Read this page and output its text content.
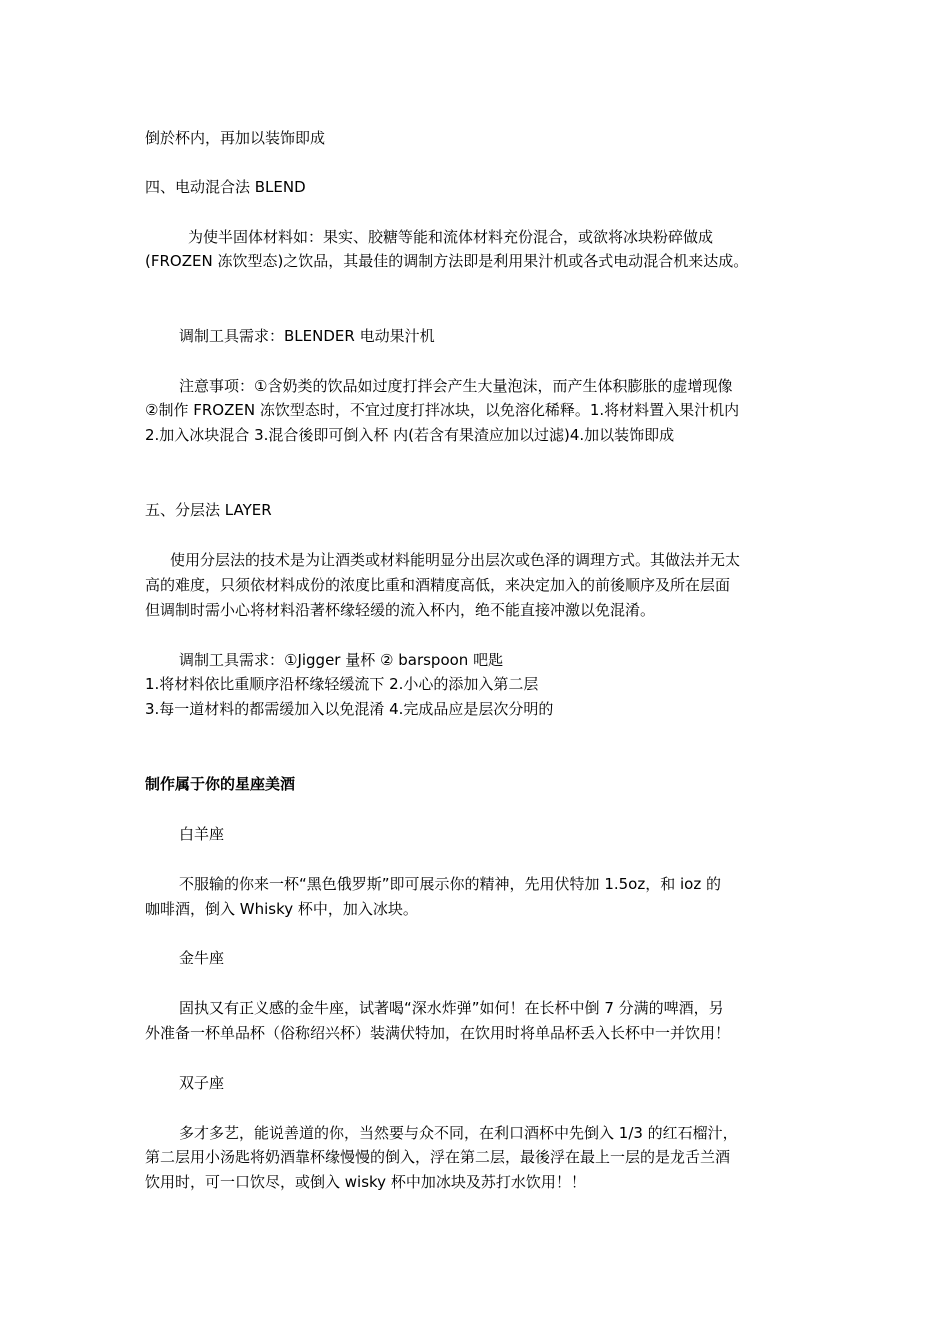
倒於杯内，再加以装饰即成
四、电动混合法 BLEND
为使半固体材料如：果实、胶糖等能和流体材料充份混合，或欲将冰块粉碎做成
(FROZEN 冻饮型态)之饮品，其最佳的调制方法即是利用果汁机或各式电动混合机来达成。
调制工具需求：BLENDER 电动果汁机
注意事项：①含奶类的饮品如过度打拌会产生大量泡沫，而产生体积膨胀的虚增现像
②制作 FROZEN 冻饮型态时，不宜过度打拌冰块，以免溶化稀释。1.将材料置入果汁机内
2.加入冰块混合 3.混合後即可倒入杯 内(若含有果渣应加以过滤)4.加以装饰即成
五、分层法 LAYER
使用分层法的技术是为让酒类或材料能明显分出层次或色泽的调理方式。其做法并无太
高的难度，只须依材料成份的浓度比重和酒精度高低，来决定加入的前後顺序及所在层面
但调制时需小心将材料沿著杯缘轻缓的流入杯内，绝不能直接冲激以免混淆。
调制工具需求：①Jigger 量杯 ② barspoon 吧匙
1.将材料依比重顺序沿杯缘轻缓流下 2.小心的添加入第二层
3.每一道材料的都需缓加入以免混淆 4.完成品应是层次分明的
制作属于你的星座美酒
白羊座
不服输的你来一杯“黑色俄罗斯”即可展示你的精神，先用伏特加 1.5oz，和 ioz 的
咖啡酒，倒入 Whisky 杯中，加入冰块。
金牛座
固执又有正义感的金牛座，试著喝“深水炸弹”如何！在长杯中倒 7 分满的啤酒，另
外准备一杯单品杯（俗称绍兴杯）装满伏特加，在饮用时将单品杯丢入长杯中一并饮用！
双子座
多才多艺，能说善道的你，当然要与众不同，在利口酒杯中先倒入 1/3 的红石榴汁，
第二层用小汤匙将奶酒靠杯缘慢慢的倒入，浮在第二层，最後浮在最上一层的是龙舌兰酒
饮用时，可一口饮尽，或倒入 wisky 杯中加冰块及苏打水饮用！！
